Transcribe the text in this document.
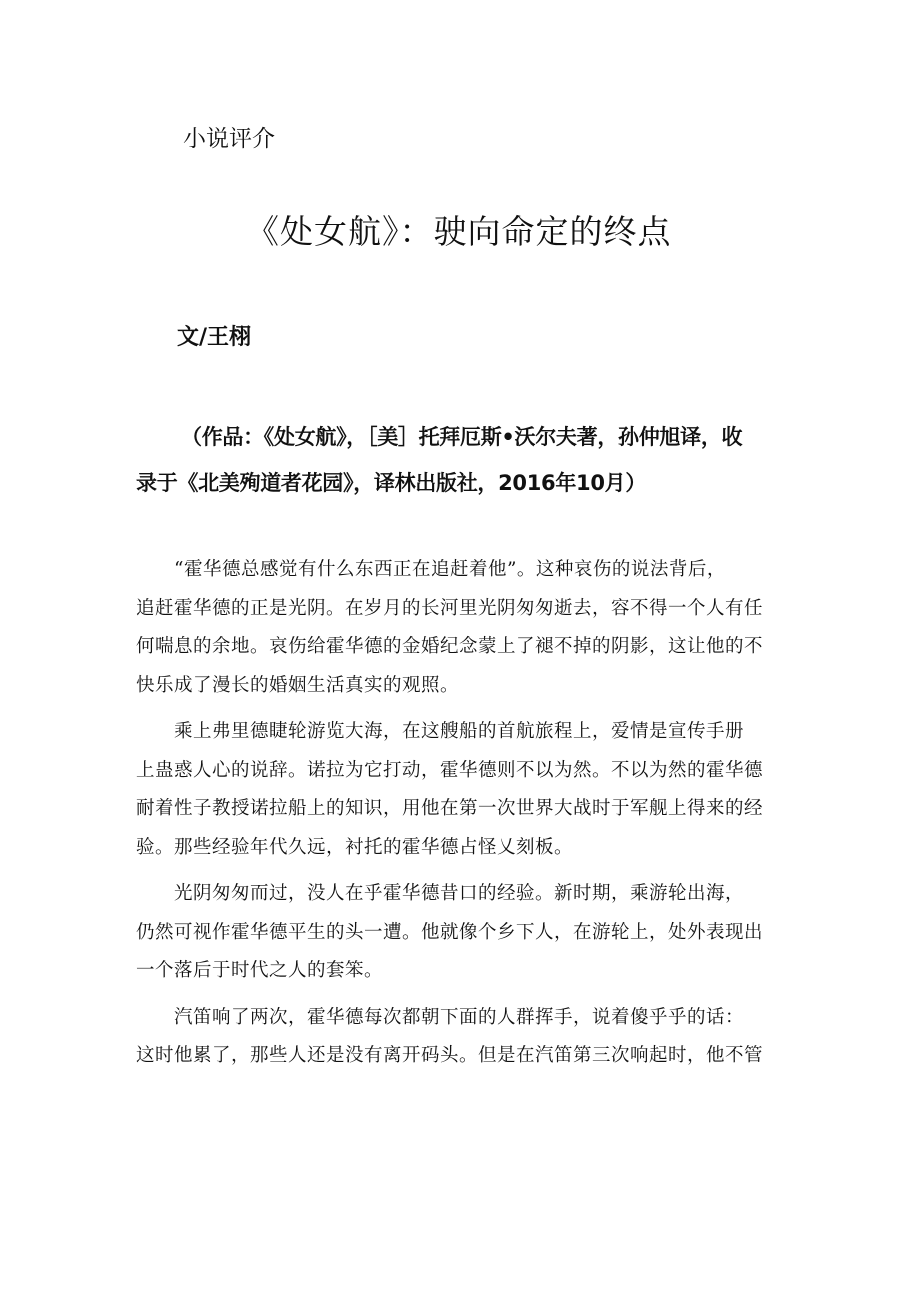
小说评介
《处女航》：驶向命定的终点
文/王栩
（作品：《处女航》，［美］托拜厄斯•沃尔夫著，孙仲旭译，收
录于《北美殉道者花园》，译林出版社，2016年10月）
“霍华德总感觉有什么东西正在追赶着他”。这种哀伤的说法背后，
追赶霍华德的正是光阴。在岁月的长河里光阴匆匆逝去，容不得一个人有任
何喘息的余地。哀伤给霍华德的金婚纪念蒙上了褪不掉的阴影，这让他的不
快乐成了漫长的婚姻生活真实的观照。
乘上弗里德睫轮游览大海，在这艘船的首航旅程上，爱情是宣传手册
上蛊惑人心的说辞。诺拉为它打动，霍华德则不以为然。不以为然的霍华德
耐着性子教授诺拉船上的知识，用他在第一次世界大战时于军舰上得来的经
验。那些经验年代久远，衬托的霍华德占怪乂刻板。
光阴匆匆而过，没人在乎霍华德昔口的经验。新时期，乘游轮出海，
仍然可视作霍华德平生的头一遭。他就像个乡下人，在游轮上，处外表现出
一个落后于时代之人的套笨。
汽笛响了两次，霍华德每次都朝下面的人群挥手，说着傻乎乎的话：
这时他累了，那些人还是没有离开码头。但是在汽笛第三次响起时，他不管
